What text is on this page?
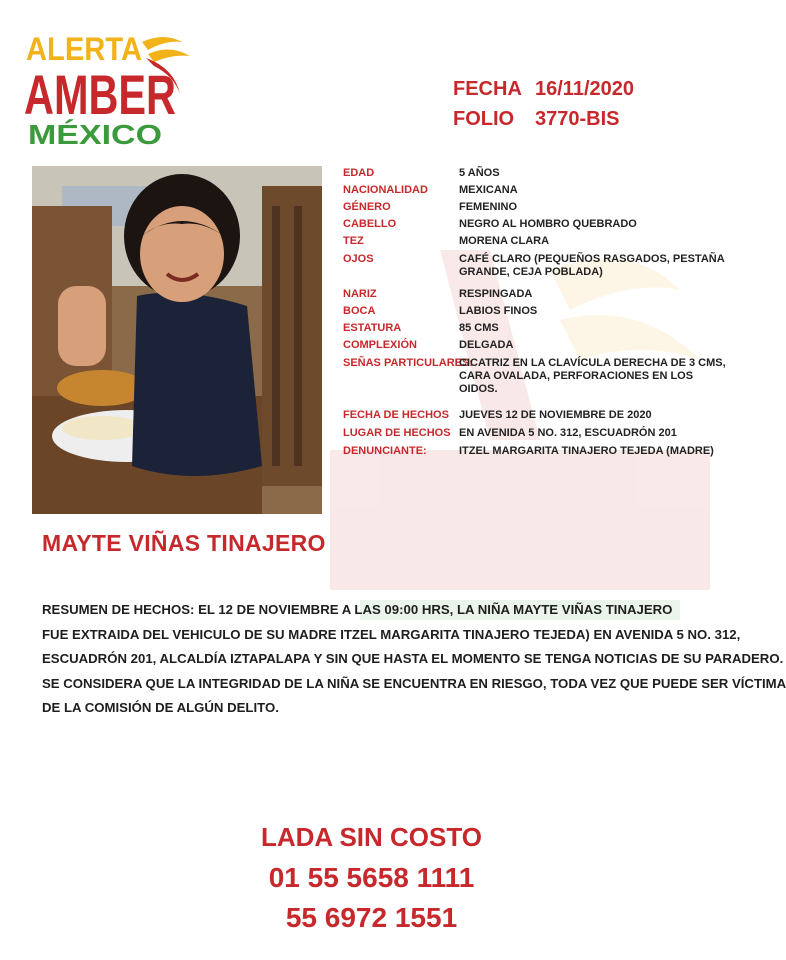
ALERTA
AMBER
MÉXICO
FECHA 16/11/2020
FOLIO 3770-BIS
EDAD	5 AÑOS
NACIONALIDAD	MEXICANA
GÉNERO	FEMENINO
CABELLO	NEGRO AL HOMBRO QUEBRADO
TEZ	MORENA CLARA
OJOS	CAFÉ CLARO (PEQUEÑOS RASGADOS, PESTAÑA GRANDE, CEJA POBLADA)
NARIZ	RESPINGADA
BOCA	LABIOS FINOS
ESTATURA	85 CMS
COMPLEXIÓN	DELGADA
SEÑAS PARTICULARES:
CICATRIZ EN LA CLAVÍCULA DERECHA DE 3 CMS, CARA OVALADA, PERFORACIONES EN LOS OIDOS.
FECHA DE HECHOS JUEVES 12 DE NOVIEMBRE DE 2020
LUGAR DE HECHOS EN AVENIDA 5 NO. 312, ESCUADRÓN 201
DENUNCIANTE:	ITZEL MARGARITA TINAJERO TEJEDA (MADRE)
MAYTE VIÑAS TINAJERO
RESUMEN DE HECHOS: EL 12 DE NOVIEMBRE A LAS 09:00 HRS, LA NIÑA MAYTE VIÑAS TINAJERO
FUE EXTRAIDA DEL VEHICULO DE SU MADRE ITZEL MARGARITA TINAJERO TEJEDA) EN AVENIDA 5 NO. 312,
ESCUADRÓN 201, ALCALDÍA IZTAPALAPA Y SIN QUE HASTA EL MOMENTO SE TENGA NOTICIAS DE SU PARADERO.
SE CONSIDERA QUE LA INTEGRIDAD DE LA NIÑA SE ENCUENTRA EN RIESGO, TODA VEZ QUE PUEDE SER VÍCTIMA
DE LA COMISIÓN DE ALGÚN DELITO.
LADA SIN COSTO
01 55 5658 1111
55 6972 1551
